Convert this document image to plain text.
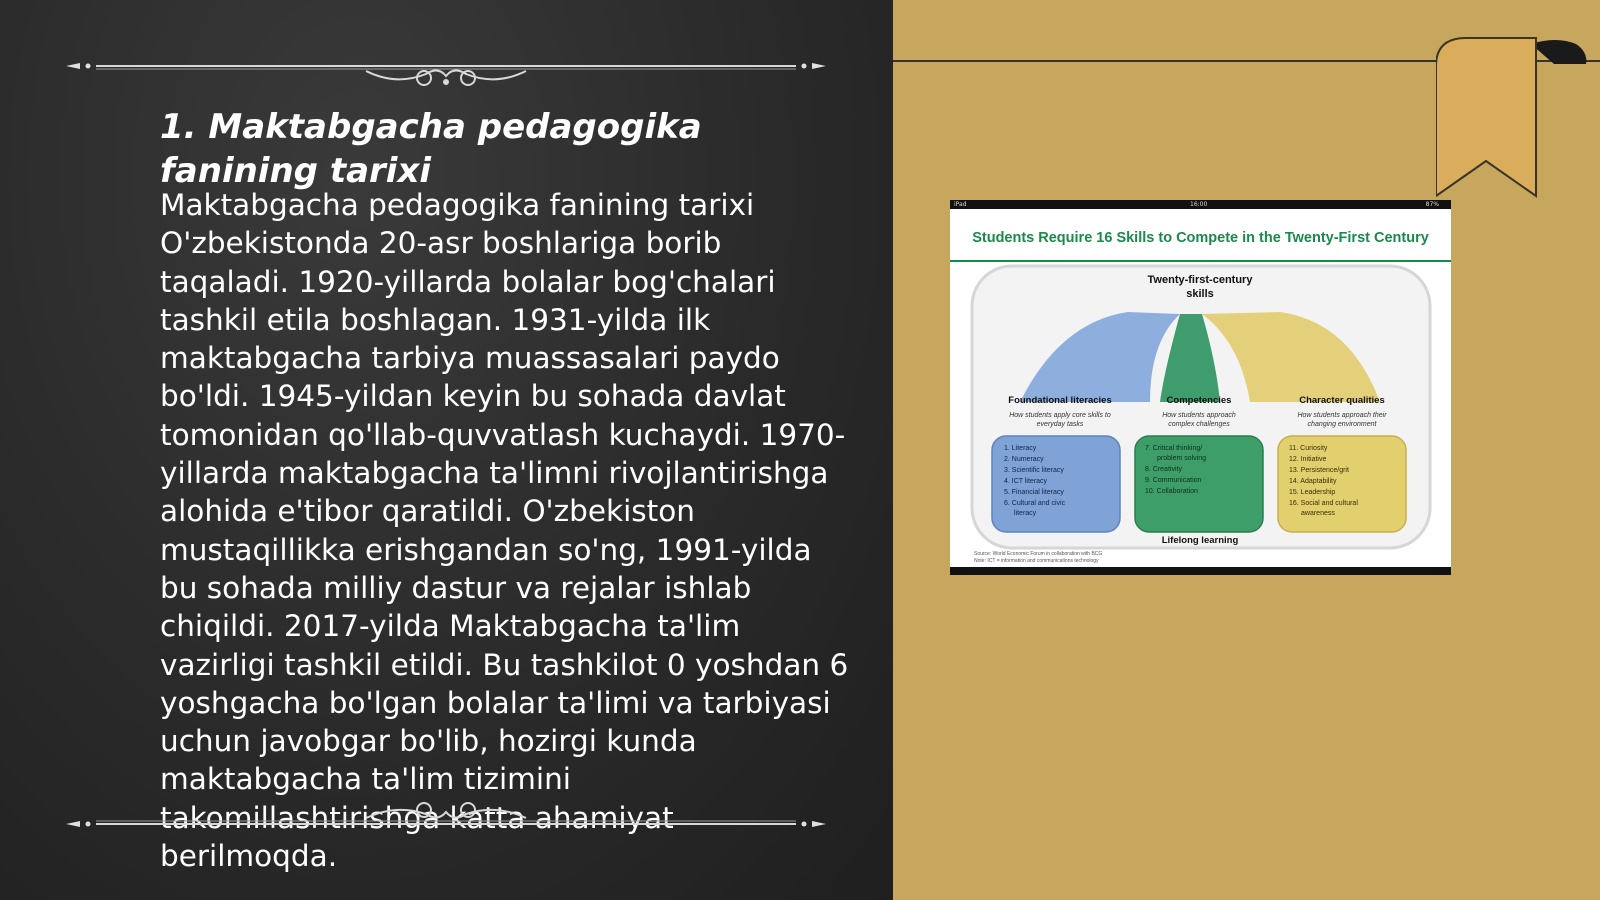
1. Maktabgacha pedagogika fanining tarixi

Maktabgacha pedagogika fanining tarixi O'zbekistonda 20-asr boshlariga borib taqaladi. 1920-yillarda bolalar bog'chalari tashkil etila boshlagan. 1931-yilda ilk maktabgacha tarbiya muassasalari paydo bo'ldi. 1945-yildan keyin bu sohada davlat tomonidan qo'llab-quvvatlash kuchaydi. 1970-yillarda maktabgacha ta'limni rivojlantirishga alohida e'tibor qaratildi. O'zbekiston mustaqillikka erishgandan so'ng, 1991-yilda bu sohada milliy dastur va rejalar ishlab chiqildi. 2017-yilda Maktabgacha ta'lim vazirligi tashkil etildi. Bu tashkilot 0 yoshdan 6 yoshgacha bo'lgan bolalar ta'limi va tarbiyasi uchun javobgar bo'lib, hozirgi kunda maktabgacha ta'lim tizimini takomillashtirishga katta ahamiyat berilmoqda.

iPad	16:00	87%
Students Require 16 Skills to Compete in the Twenty-First Century
Twenty-first-century
skills
Foundational literacies
How students apply core skills to
everyday tasks
1. Literacy
2. Numeracy
3. Scientific literacy
4. ICT literacy
5. Financial literacy
6. Cultural and civic
literacy
Competencies
How students approach
complex challenges
7. Critical thinking/
problem solving
8. Creativity
9. Communication
10. Collaboration
Character qualities
How students approach their
changing environment
11. Curiosity
12. Initiative
13. Persistence/grit
14. Adaptability
15. Leadership
16. Social and cultural
awareness
Lifelong learning
Source: World Economic Forum in collaboration with BCG
Note: ICT = information and communications technology
